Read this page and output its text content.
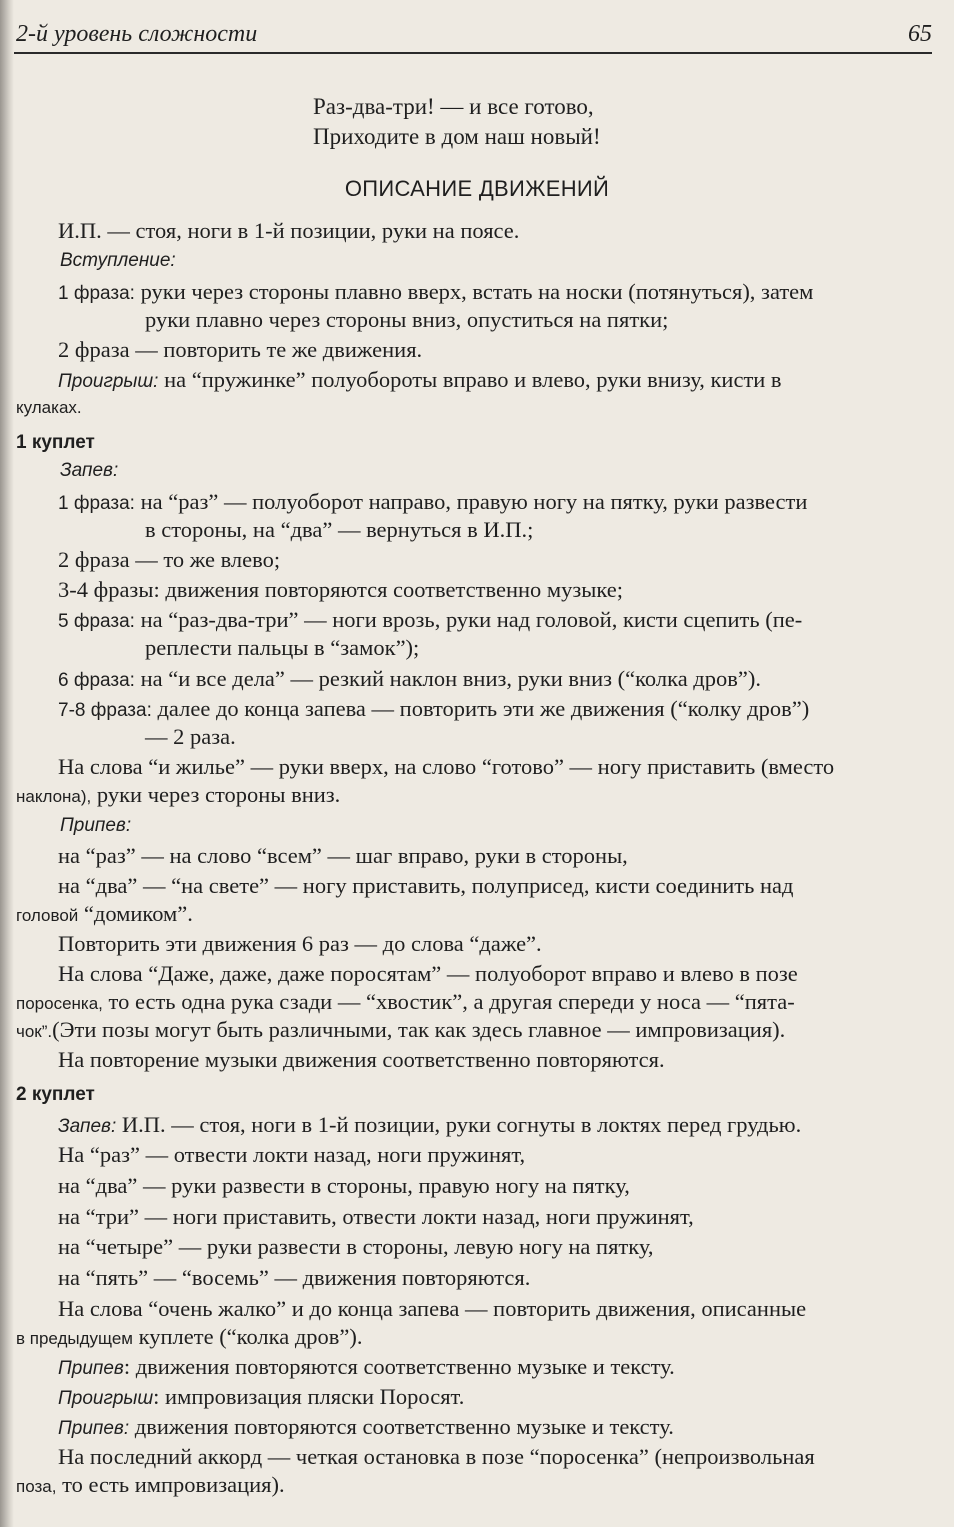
2-й уровень сложности	65
Раз-два-три! — и все готово,
Приходите в дом наш новый!
ОПИСАНИЕ ДВИЖЕНИЙ
И.П. — стоя, ноги в 1-й позиции, руки на поясе.
Вступление:
1 фраза: руки через стороны плавно вверх, встать на носки (потянуться), затем
руки плавно через стороны вниз, опуститься на пятки;
2 фраза — повторить те же движения.
Проигрыш: на “пружинке” полуобороты вправо и влево, руки внизу, кисти в
кулаках.
1 куплет
Запев:
1 фраза: на “раз” — полуоборот направо, правую ногу на пятку, руки развести
в стороны, на “два” — вернуться в И.П.;
2 фраза — то же влево;
3-4 фразы: движения повторяются соответственно музыке;
5 фраза: на “раз-два-три” — ноги врозь, руки над головой, кисти сцепить (пе-
реплести пальцы в “замок”);
6 фраза: на “и все дела” — резкий наклон вниз, руки вниз (“колка дров”).
7-8 фраза: далее до конца запева — повторить эти же движения (“колку дров”)
— 2 раза.
На слова “и жилье” — руки вверх, на слово “готово” — ногу приставить (вместо
наклона), руки через стороны вниз.
Припев:
на “раз” — на слово “всем” — шаг вправо, руки в стороны,
на “два” — “на свете” — ногу приставить, полуприсед, кисти соединить над
головой “домиком”.
Повторить эти движения 6 раз — до слова “даже”.
На слова “Даже, даже, даже поросятам” — полуоборот вправо и влево в позе
поросенка, то есть одна рука сзади — “хвостик”, а другая спереди у носа — “пята-
чок”.(Эти позы могут быть различными, так как здесь главное — импровизация).
На повторение музыки движения соответственно повторяются.
2 куплет
Запев: И.П. — стоя, ноги в 1-й позиции, руки согнуты в локтях перед грудью.
На “раз” — отвести локти назад, ноги пружинят,
на “два” — руки развести в стороны, правую ногу на пятку,
на “три” — ноги приставить, отвести локти назад, ноги пружинят,
на “четыре” — руки развести в стороны, левую ногу на пятку,
на “пять” — “восемь” — движения повторяются.
На слова “очень жалко” и до конца запева — повторить движения, описанные
в предыдущем куплете (“колка дров”).
Припев: движения повторяются соответственно музыке и тексту.
Проигрыш: импровизация пляски Поросят.
Припев: движения повторяются соответственно музыке и тексту.
На последний аккорд — четкая остановка в позе “поросенка” (непроизвольная
поза, то есть импровизация).
